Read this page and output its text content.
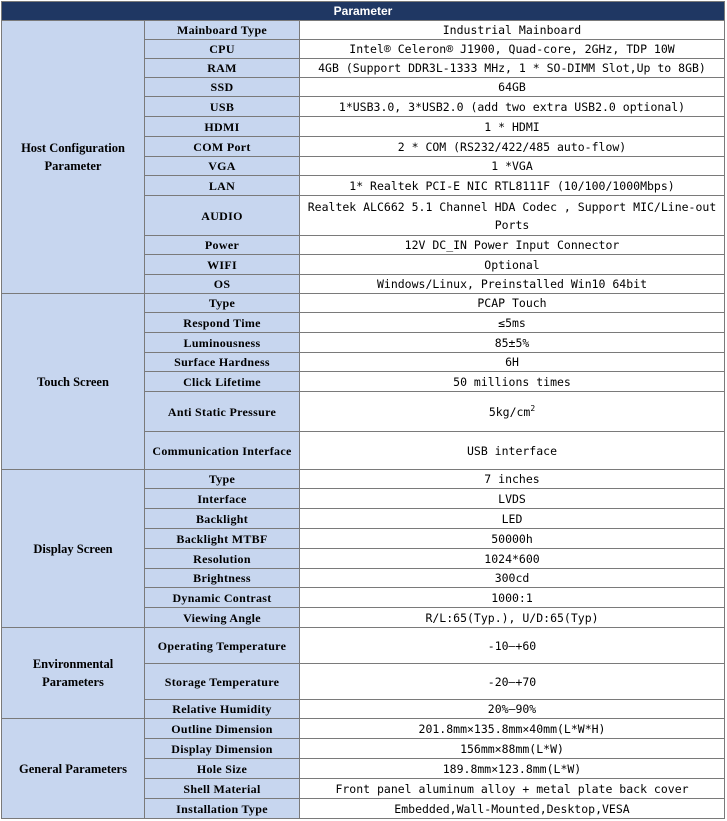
Parameter		
Host Configuration Parameter	Mainboard Type	Industrial Mainboard
	CPU	Intel® Celeron® J1900, Quad-core, 2GHz, TDP 10W
	RAM	4GB (Support DDR3L-1333 MHz, 1 * SO-DIMM Slot,Up to 8GB)
	SSD	64GB
	USB	1*USB3.0, 3*USB2.0 (add two extra USB2.0 optional)
	HDMI	1 * HDMI
	COM Port	2 * COM (RS232/422/485 auto-flow)
	VGA	1 *VGA
	LAN	1* Realtek PCI-E NIC RTL8111F (10/100/1000Mbps)
	AUDIO	Realtek ALC662 5.1 Channel HDA Codec , Support MIC/Line-out Ports
	Power	12V DC_IN Power Input Connector
	WIFI	Optional
	OS	Windows/Linux, Preinstalled Win10 64bit
Touch Screen	Type	PCAP Touch
	Respond Time	≤5ms
	Luminousness	85±5%
	Surface Hardness	6H
	Click Lifetime	50 millions times
	Anti Static Pressure	$5kg/cm^2$
	Communication Interface	USB interface
Display Screen	Type	7 inches
	Interface	LVDS
	Backlight	LED
	Backlight MTBF	50000h
	Resolution	1024*600
	Brightness	300cd
	Dynamic Contrast	1000:1
	Viewing Angle	R/L:65(Typ.), U/D:65(Typ)
Environmental Parameters	Operating Temperature	-10—+60
	Storage Temperature	-20—+70
	Relative Humidity	20%—90%
General Parameters	Outline Dimension	201.8mm×135.8mm×40mm(L*W*H)
	Display Dimension	156mm×88mm(L*W)
	Hole Size	189.8mm×123.8mm(L*W)
	Shell Material	Front panel aluminum alloy + metal plate back cover
	Installation Type	Embedded,Wall-Mounted,Desktop,VESA
